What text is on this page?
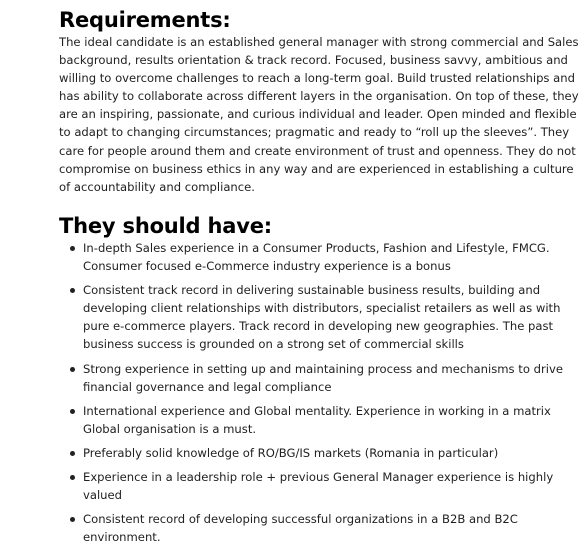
Requirements:

The ideal candidate is an established general manager with strong commercial and Sales background, results orientation & track record. Focused, business savvy, ambitious and willing to overcome challenges to reach a long-term goal. Build trusted relationships and has ability to collaborate across different layers in the organisation. On top of these, they are an inspiring, passionate, and curious individual and leader. Open minded and flexible to adapt to changing circumstances; pragmatic and ready to “roll up the sleeves”. They care for people around them and create environment of trust and openness. They do not compromise on business ethics in any way and are experienced in establishing a culture of accountability and compliance.

They should have:
In-depth Sales experience in a Consumer Products, Fashion and Lifestyle, FMCG. Consumer focused e-Commerce industry experience is a bonus
Consistent track record in delivering sustainable business results, building and developing client relationships with distributors, specialist retailers as well as with pure e-commerce players. Track record in developing new geographies. The past business success is grounded on a strong set of commercial skills
Strong experience in setting up and maintaining process and mechanisms to drive financial governance and legal compliance
International experience and Global mentality. Experience in working in a matrix Global organisation is a must.
Preferably solid knowledge of RO/BG/IS markets (Romania in particular)
Experience in a leadership role + previous General Manager experience is highly valued
Consistent record of developing successful organizations in a B2B and B2C environment.
